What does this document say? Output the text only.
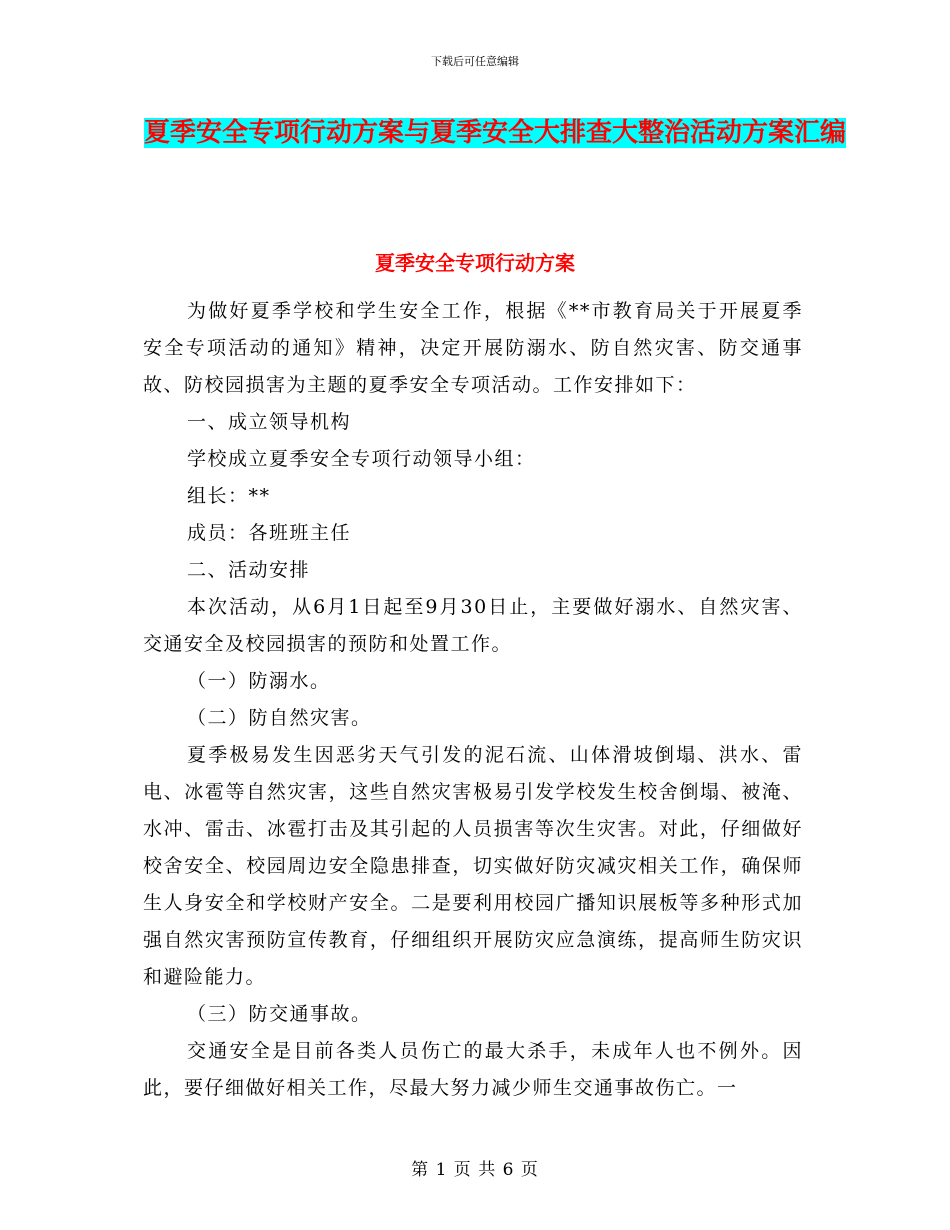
下载后可任意编辑
夏季安全专项行动方案与夏季安全大排查大整治活动方案汇编
夏季安全专项行动方案

为做好夏季学校和学生安全工作，根据《**市教育局关于开展夏季安全专项活动的通知》精神，决定开展防溺水、防自然灾害、防交通事故、防校园损害为主题的夏季安全专项活动。工作安排如下：

一、成立领导机构

学校成立夏季安全专项行动领导小组：

组长：**

成员：各班班主任

二、活动安排

本次活动，从6月1日起至9月30日止，主要做好溺水、自然灾害、交通安全及校园损害的预防和处置工作。

（一）防溺水。

（二）防自然灾害。

夏季极易发生因恶劣天气引发的泥石流、山体滑坡倒塌、洪水、雷电、冰雹等自然灾害，这些自然灾害极易引发学校发生校舍倒塌、被淹、水冲、雷击、冰雹打击及其引起的人员损害等次生灾害。对此，仔细做好校舍安全、校园周边安全隐患排查，切实做好防灾减灾相关工作，确保师生人身安全和学校财产安全。二是要利用校园广播知识展板等多种形式加强自然灾害预防宣传教育，仔细组织开展防灾应急演练，提高师生防灾识和避险能力。

（三）防交通事故。

交通安全是目前各类人员伤亡的最大杀手，未成年人也不例外。因此，要仔细做好相关工作，尽最大努力减少师生交通事故伤亡。一

第 1 页 共 6 页
